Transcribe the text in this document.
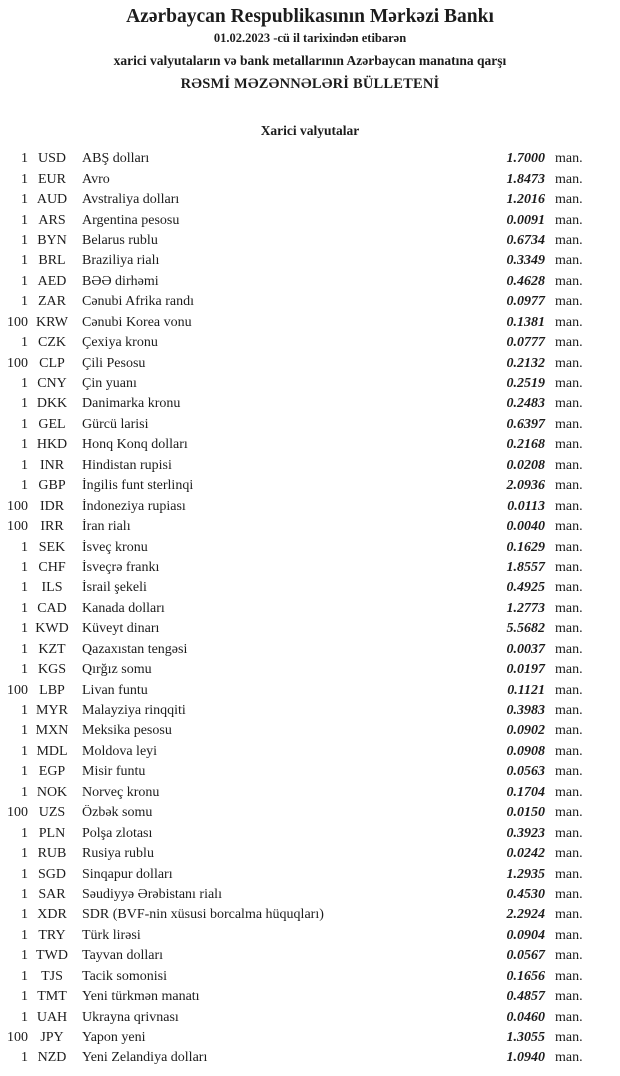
Azərbaycan Respublikasının Mərkəzi Bankı
01.02.2023 -cü il tarixindən etibarən
xarici valyutaların və bank metallarının Azərbaycan manatına qarşı
RƏSMİ MƏZƏNNƏLƏRİ BÜLLETENİ
Xarici valyutalar
1 USD	ABŞ dolları	1.7000 man.
1 EUR	Avro	1.8473 man.
1 AUD	Avstraliya dolları	1.2016 man.
1 ARS	Argentina pesosu	0.0091 man.
1 BYN	Belarus rublu	0.6734 man.
1 BRL	Braziliya rialı	0.3349 man.
1 AED	BƏƏ dirhəmi	0.4628 man.
1 ZAR	Cənubi Afrika randı	0.0977 man.
100 KRW	Cənubi Korea vonu	0.1381 man.
1 CZK	Çexiya kronu	0.0777 man.
100 CLP	Çili Pesosu	0.2132 man.
1 CNY	Çin yuanı	0.2519 man.
1 DKK	Danimarka kronu	0.2483 man.
1 GEL	Gürcü larisi	0.6397 man.
1 HKD	Honq Konq dolları	0.2168 man.
1 INR	Hindistan rupisi	0.0208 man.
1 GBP	İngilis funt sterlinqi	2.0936 man.
100 IDR	İndoneziya rupiası	0.0113 man.
100 IRR	İran rialı	0.0040 man.
1 SEK	İsveç kronu	0.1629 man.
1 CHF	İsveçrə frankı	1.8557 man.
1 ILS	İsrail şekeli	0.4925 man.
1 CAD	Kanada dolları	1.2773 man.
1 KWD Küveyt dinarı	5.5682 man.
1 KZT	Qazaxıstan tengəsi	0.0037 man.
1 KGS	Qırğız somu	0.0197 man.
100 LBP	Livan funtu	0.1121 man.
1 MYR	Malayziya rinqqiti	0.3983 man.
1 MXN Meksika pesosu	0.0902 man.
1 MDL	Moldova leyi	0.0908 man.
1 EGP	Misir funtu	0.0563 man.
1 NOK	Norveç kronu	0.1704 man.
100 UZS	Özbək somu	0.0150 man.
1 PLN	Polşa zlotası	0.3923 man.
1 RUB	Rusiya rublu	0.0242 man.
1 SGD	Sinqapur dolları	1.2935 man.
1 SAR	Səudiyyə Ərəbistanı rialı	0.4530 man.
1 XDR	SDR (BVF-nin xüsusi borcalma hüquqları)	2.2924 man.
1 TRY	Türk lirəsi	0.0904 man.
1 TWD	Tayvan dolları	0.0567 man.
1 TJS	Tacik somonisi	0.1656 man.
1 TMT	Yeni türkmən manatı	0.4857 man.
1 UAH	Ukrayna qrivnası	0.0460 man.
100 JPY	Yapon yeni	1.3055 man.
1 NZD	Yeni Zelandiya dolları	1.0940 man.
